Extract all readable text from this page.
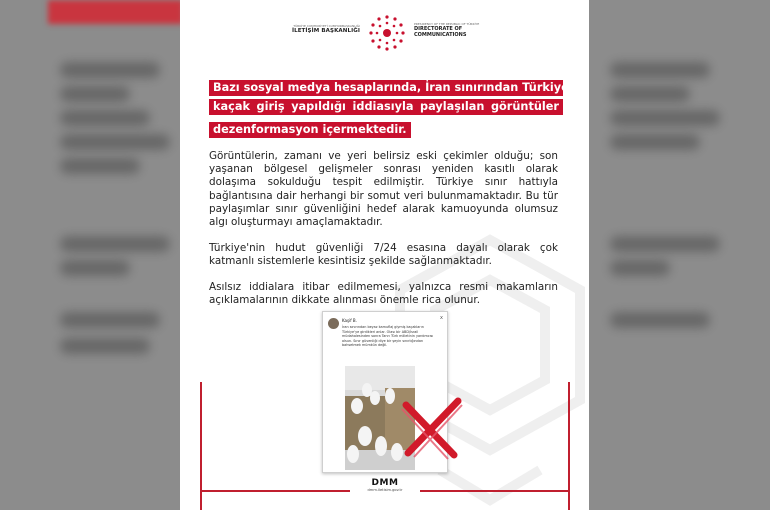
TÜRKİYE CUMHURİYETİ CUMHURBAŞKANLIĞI
İLETİŞİM BAŞKANLIĞI
PRESIDENCY OF THE REPUBLIC OF TÜRKİYE
DIRECTORATE OF
COMMUNICATIONS
Bazı sosyal medya hesaplarında, İran sınırından Türkiye'ye
kaçak giriş yapıldığı iddiasıyla paylaşılan görüntüler
dezenformasyon içermektedir.
Görüntülerin, zamanı ve yeri belirsiz eski çekimler olduğu; son yaşanan bölgesel gelişmeler sonrası yeniden kasıtlı olarak dolaşıma sokulduğu tespit edilmiştir. Türkiye sınır hattıyla bağlantısına dair herhangi bir somut veri bulunmamaktadır. Bu tür paylaşımlar sınır güvenliğini hedef alarak kamuoyunda olumsuz algı oluşturmayı amaçlamaktadır.
Türkiye'nin hudut güvenliği 7/24 esasına dayalı olarak çok katmanlı sistemlerle kesintisiz şekilde sağlanmaktadır.
Asılsız iddialara itibar edilmemesi, yalnızca resmi makamların açıklamalarının dikkate alınması önemle rica olunur.
Kaşif B.	x
İran sınırından beyaz kamuflaj giymiş kaçakların Türkiye'ye girdikleri anlar. Olası bir ABD/İsrail müdahalesinden sonra Tanrı Türk milletinin yardımcısı olsun. Sınır güvenliği diye bir şeyin sınırlığından bahsetmek mümkün değil.
DMM
dmm.iletisim.gov.tr
